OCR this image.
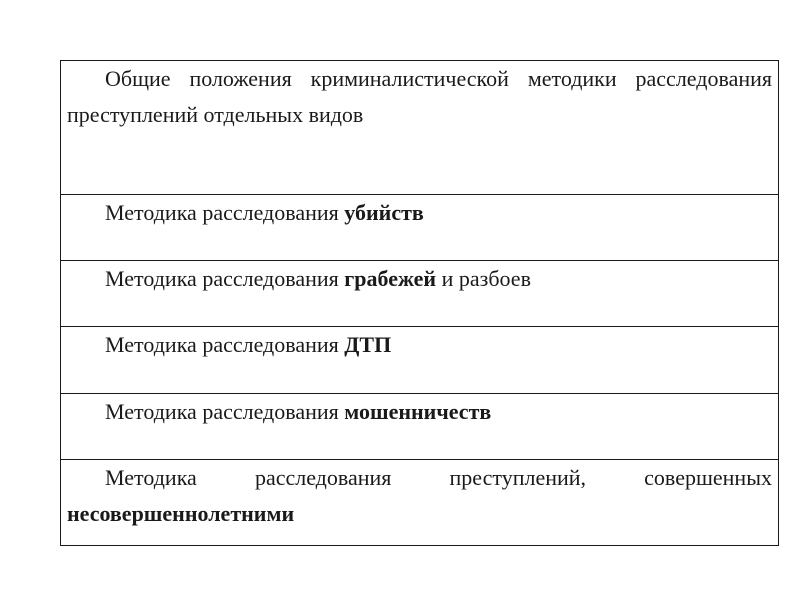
Общие положения криминалистической методики расследования преступлений отдельных видов

Методика расследования убийств

Методика расследования грабежей и разбоев

Методика расследования ДТП

Методика расследования мошенничеств

Методика расследования преступлений, совершенных несовершеннолетними
